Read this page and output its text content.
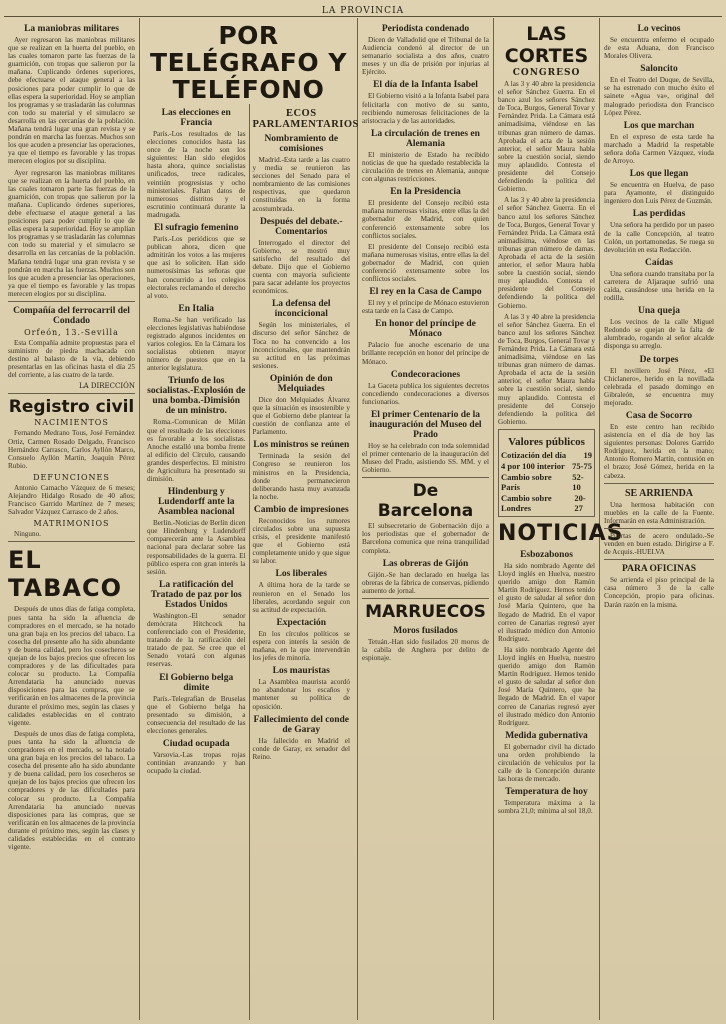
LA PROVINCIA
La maniobras militares

Ayer regresaron las maniobras militares que se realizan en la huerta del pueblo, en las cuales tomaron parte las fuerzas de la guarnición, con tropas que salieron por la mañana. Cuplicando órdenes superiores, debe efectuarse el ataque general a las posiciones para poder cumplir lo que de ellas espera la superioridad. Hoy se amplían los programas y se trasladarán las columnas con todo su material y el simulacro se desarrolla en las cercanías de la población. Mañana tendrá lugar una gran revista y se pondrán en marcha las fuerzas. Muchos son los que acuden a presenciar las operaciones, ya que el tiempo es favorable y las tropas merecen elogios por su disciplina.

Ayer regresaron las maniobras militares que se realizan en la huerta del pueblo, en las cuales tomaron parte las fuerzas de la guarnición, con tropas que salieron por la mañana. Cuplicando órdenes superiores, debe efectuarse el ataque general a las posiciones para poder cumplir lo que de ellas espera la superioridad. Hoy se amplían los programas y se trasladarán las columnas con todo su material y el simulacro se desarrolla en las cercanías de la población. Mañana tendrá lugar una gran revista y se pondrán en marcha las fuerzas. Muchos son los que acuden a presenciar las operaciones, ya que el tiempo es favorable y las tropas merecen elogios por su disciplina.

Compañía del ferrocarril del Condado
Orfeón, 13.-Sevilla

Esta Compañía admite propuestas para el suministro de piedra machacada con destino al balasto de la vía, debiendo presentarlas en las oficinas hasta el día 25 del corriente, a las cuatro de la tarde.

LA DIRECCIÓN
Registro civil
NACIMIENTOS

Fernando Medrano Tous, José Fernández Ortiz, Carmen Rosado Delgado, Francisco Hernández Carrasco, Carlos Ayllón Marco, Consuelo Ayllón Martín, Joaquín Pérez Rubio.

DEFUNCIONES

Antonio Camacho Vázquez de 6 meses; Alejandro Hidalgo Rosado de 40 años; Francisco Garrido Martínez de 7 meses; Salvador Vázquez Carrasco de 2 años.

MATRIMONIOS

Ninguno.

EL TABACO

Después de unos días de fatiga completa, pues tanta ha sido la afluencia de compradores en el mercado, se ha notado una gran baja en los precios del tabaco. La cosecha del presente año ha sido abundante y de buena calidad, pero los cosecheros se quejan de los bajos precios que ofrecen los compradores y de las dificultades para colocar su producto. La Compañía Arrendataria ha anunciado nuevas disposiciones para las compras, que se verificarán en los almacenes de la provincia durante el próximo mes, según las clases y calidades establecidas en el contrato vigente.

Después de unos días de fatiga completa, pues tanta ha sido la afluencia de compradores en el mercado, se ha notado una gran baja en los precios del tabaco. La cosecha del presente año ha sido abundante y de buena calidad, pero los cosecheros se quejan de los bajos precios que ofrecen los compradores y de las dificultades para colocar su producto. La Compañía Arrendataria ha anunciado nuevas disposiciones para las compras, que se verificarán en los almacenes de la provincia durante el próximo mes, según las clases y calidades establecidas en el contrato vigente.

POR TELÉGRAFO Y TELÉFONO
Las elecciones en Francia

París.-Los resultados de las elecciones conocidos hasta las once de la noche son los siguientes: Han sido elegidos hasta ahora, quince socialistas unificados, trece radicales, veintiún progresistas y ocho ministeriales. Faltan datos de numerosos distritos y el escrutinio continuará durante la madrugada.

El sufragio femenino

París.-Los periódicos que se publican ahora, dicen que admitirán los votos a las mujeres que así lo soliciten. Han sido numerosísimas las señoras que han concurrido a los colegios electorales reclamando el derecho al voto.

En Italia

Roma.-Se han verificado las elecciones legislativas habiéndose registrado algunos incidentes en varios colegios. En la Cámara los socialistas obtienen mayor número de puestos que en la anterior legislatura.

Triunfo de los socialistas.-Explosión de una bomba.-Dimisión de un ministro.

Roma.-Comunican de Milán que el resultado de las elecciones es favorable a los socialistas. Anoche estalló una bomba frente al edificio del Círculo, causando grandes desperfectos. El ministro de Agricultura ha presentado su dimisión.

Hindenburg y Ludendorff ante la Asamblea nacional

Berlín.-Noticias de Berlín dicen que Hindenburg y Ludendorff comparecerán ante la Asamblea nacional para declarar sobre las responsabilidades de la guerra. El público espera con gran interés la sesión.

La ratificación del Tratado de paz por los Estados Unidos

Washington.-El senador demócrata Hitchcock ha conferenciado con el Presidente, tratando de la ratificación del tratado de paz. Se cree que el Senado votará con algunas reservas.

El Gobierno belga dimite

París.-Telegrafían de Bruselas que el Gobierno belga ha presentado su dimisión, a consecuencia del resultado de las elecciones generales.

Ciudad ocupada

Varsovia.-Las tropas rojas continúan avanzando y han ocupado la ciudad.

ECOS PARLAMENTARIOS
Nombramiento de comisiones

Madrid.-Esta tarde a las cuatro y media se reunieron las secciones del Senado para el nombramiento de las comisiones respectivas, que quedaron constituidas en la forma acostumbrada.

Después del debate.-Comentarios

Interrogado el director del Gobierno, se mostró muy satisfecho del resultado del debate. Dijo que el Gobierno cuenta con mayoría suficiente para sacar adelante los proyectos económicos.

La defensa del inconcicional

Según los ministeriales, el discurso del señor Sánchez de Toca no ha convencido a los inconcicionales, que mantendrán su actitud en las próximas sesiones.

Opinión de don Melquiades

Dice don Melquiades Álvarez que la situación es insostenible y que el Gobierno debe plantear la cuestión de confianza ante el Parlamento.

Los ministros se reúnen

Terminada la sesión del Congreso se reunieron los ministros en la Presidencia, donde permanecieron deliberando hasta muy avanzada la noche.

Cambio de impresiones

Reconocidos los rumores circulados sobre una supuesta crisis, el presidente manifestó que el Gobierno está completamente unido y que sigue su labor.

Los liberales

A última hora de la tarde se reunieron en el Senado los liberales, acordando seguir con su actitud de expectación.

Expectación

En los círculos políticos se espera con interés la sesión de mañana, en la que intervendrán los jefes de minoría.

Los mauristas

La Asamblea maurista acordó no abandonar los escaños y mantener su política de oposición.

Fallecimiento del conde de Garay

Ha fallecido en Madrid el conde de Garay, ex senador del Reino.

Periodista condenado

Dicen de Valladolid que el Tribunal de la Audiencia condenó al director de un semanario socialista a dos años, cuatro meses y un día de prisión por injurias al Ejército.

El día de la Infanta Isabel

El Gobierno visitó a la Infanta Isabel para felicitarla con motivo de su santo, recibiendo numerosas felicitaciones de la aristocracia y de las autoridades.

La circulación de trenes en Alemania

El ministerio de Estado ha recibido noticias de que ha quedado restablecida la circulación de trenes en Alemania, aunque con algunas restricciones.

En la Presidencia

El presidente del Consejo recibió esta mañana numerosas visitas, entre ellas la del gobernador de Madrid, con quien conferenció extensamente sobre los conflictos sociales.

El presidente del Consejo recibió esta mañana numerosas visitas, entre ellas la del gobernador de Madrid, con quien conferenció extensamente sobre los conflictos sociales.

El rey en la Casa de Campo

El rey y el príncipe de Mónaco estuvieron esta tarde en la Casa de Campo.

En honor del príncipe de Mónaco

Palacio fue anoche escenario de una brillante recepción en honor del príncipe de Mónaco.

Condecoraciones

La Gaceta publica los siguientes decretos concediendo condecoraciones a diversos funcionarios.

El primer Centenario de la inauguración del Museo del Prado

Hoy se ha celebrado con toda solemnidad el primer centenario de la inauguración del Museo del Prado, asistiendo SS. MM. y el Gobierno.

De Barcelona

El subsecretario de Gobernación dijo a los periodistas que el gobernador de Barcelona comunica que reina tranquilidad completa.

Las obreras de Gijón

Gijón.-Se han declarado en huelga las obreras de la fábrica de conservas, pidiendo aumento de jornal.

MARRUECOS
Moros fusilados

Tetuán.-Han sido fusilados 20 moros de la cabila de Anghera por delito de espionaje.

LAS CORTES
CONGRESO

A las 3 y 40 abre la presidencia el señor Sánchez Guerra. En el banco azul los señores Sánchez de Toca, Burgos, General Tovar y Fernández Prida. La Cámara está animadísima, viéndose en las tribunas gran número de damas. Aprobada el acta de la sesión anterior, el señor Maura habla sobre la cuestión social, siendo muy aplaudido. Contesta el presidente del Consejo defendiendo la política del Gobierno.

A las 3 y 40 abre la presidencia el señor Sánchez Guerra. En el banco azul los señores Sánchez de Toca, Burgos, General Tovar y Fernández Prida. La Cámara está animadísima, viéndose en las tribunas gran número de damas. Aprobada el acta de la sesión anterior, el señor Maura habla sobre la cuestión social, siendo muy aplaudido. Contesta el presidente del Consejo defendiendo la política del Gobierno.

A las 3 y 40 abre la presidencia el señor Sánchez Guerra. En el banco azul los señores Sánchez de Toca, Burgos, General Tovar y Fernández Prida. La Cámara está animadísima, viéndose en las tribunas gran número de damas. Aprobada el acta de la sesión anterior, el señor Maura habla sobre la cuestión social, siendo muy aplaudido. Contesta el presidente del Consejo defendiendo la política del Gobierno.

Valores públicos
Cotización del día 19
4 por 100 interior 75-75
Cambio sobre París
52-10
Cambio sobre Londres
20-27
NOTICIAS
Esbozabonos

Ha sido nombrado Agente del Lloyd inglés en Huelva, nuestro querido amigo don Ramón Martín Rodríguez. Hemos tenido el gusto de saludar al señor don José María Quintero, que ha llegado de Madrid. En el vapor correo de Canarias regresó ayer el ilustrado médico don Antonio Rodríguez.

Ha sido nombrado Agente del Lloyd inglés en Huelva, nuestro querido amigo don Ramón Martín Rodríguez. Hemos tenido el gusto de saludar al señor don José María Quintero, que ha llegado de Madrid. En el vapor correo de Canarias regresó ayer el ilustrado médico don Antonio Rodríguez.

Medida gubernativa

El gobernador civil ha dictado una orden prohibiendo la circulación de vehículos por la calle de la Concepción durante las horas de mercado.

Temperatura de hoy

Temperatura máxima a la sombra 21,0; mínima al sol 18,0.

Lo vecinos

Se encuentra enfermo el ocupado de esta Aduana, don Francisco Morales Olivera.

Saloncito

En el Teatro del Duque, de Sevilla, se ha estrenado con mucho éxito el sainete «Agua va», original del malogrado periodista don Francisco López Pérez.

Los que marchan

En el expreso de esta tarde ha marchado a Madrid la respetable señora doña Carmen Vázquez, viuda de Arroyo.

Los que llegan

Se encuentra en Huelva, de paso para Ayamonte, el distinguido ingeniero don Luis Pérez de Guzmán.

Las perdidas

Una señora ha perdido por un paseo de la calle Concepción, al teatro Colón, un portamonedas. Se ruega su devolución en esta Redacción.

Caídas

Una señora cuando transitaba por la carretera de Aljaraque sufrió una caída, causándose una herida en la rodilla.

Una queja

Los vecinos de la calle Miguel Redondo se quejan de la falta de alumbrado, rogando al señor alcalde disponga su arreglo.

De torpes

El novillero José Pérez, «El Chiclanero», herido en la novillada celebrada el pasado domingo en Gibraleón, se encuentra muy mejorado.

Casa de Socorro

En este centro han recibido asistencia en el día de hoy las siguientes personas: Dolores Garrido Rodríguez, herida en la mano; Antonio Romero Martín, contusión en el brazo; José Gómez, herida en la cabeza.

SE ARRIENDA

Una hermosa habitación con muebles en la calle de la Fuente. Informarán en esta Administración.

Puertas de acero ondulado.-Se venden en buen estado. Dirigirse a F. de Acquis.-HUELVA

PARA OFICINAS

Se arrienda el piso principal de la casa número 3 de la calle Concepción, propio para oficinas. Darán razón en la misma.
